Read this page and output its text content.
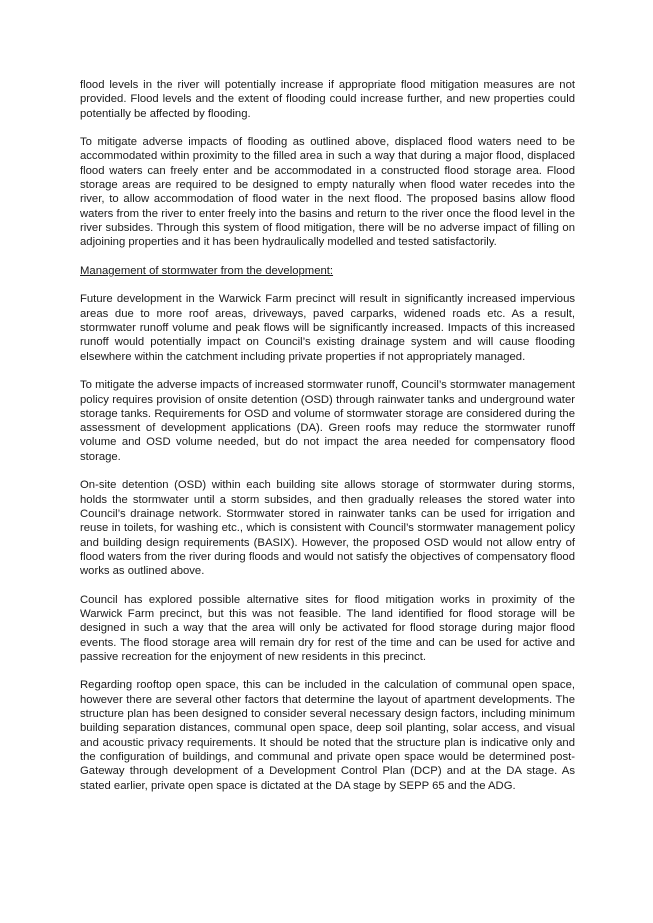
flood levels in the river will potentially increase if appropriate flood mitigation measures are not provided. Flood levels and the extent of flooding could increase further, and new properties could potentially be affected by flooding.

To mitigate adverse impacts of flooding as outlined above, displaced flood waters need to be accommodated within proximity to the filled area in such a way that during a major flood, displaced flood waters can freely enter and be accommodated in a constructed flood storage area. Flood storage areas are required to be designed to empty naturally when flood water recedes into the river, to allow accommodation of flood water in the next flood. The proposed basins allow flood waters from the river to enter freely into the basins and return to the river once the flood level in the river subsides. Through this system of flood mitigation, there will be no adverse impact of filling on adjoining properties and it has been hydraulically modelled and tested satisfactorily.

Management of stormwater from the development:

Future development in the Warwick Farm precinct will result in significantly increased impervious areas due to more roof areas, driveways, paved carparks, widened roads etc. As a result, stormwater runoff volume and peak flows will be significantly increased. Impacts of this increased runoff would potentially impact on Council’s existing drainage system and will cause flooding elsewhere within the catchment including private properties if not appropriately managed.

To mitigate the adverse impacts of increased stormwater runoff, Council’s stormwater management policy requires provision of onsite detention (OSD) through rainwater tanks and underground water storage tanks. Requirements for OSD and volume of stormwater storage are considered during the assessment of development applications (DA). Green roofs may reduce the stormwater runoff volume and OSD volume needed, but do not impact the area needed for compensatory flood storage.

On-site detention (OSD) within each building site allows storage of stormwater during storms, holds the stormwater until a storm subsides, and then gradually releases the stored water into Council’s drainage network. Stormwater stored in rainwater tanks can be used for irrigation and reuse in toilets, for washing etc., which is consistent with Council’s stormwater management policy and building design requirements (BASIX). However, the proposed OSD would not allow entry of flood waters from the river during floods and would not satisfy the objectives of compensatory flood works as outlined above.

Council has explored possible alternative sites for flood mitigation works in proximity of the Warwick Farm precinct, but this was not feasible. The land identified for flood storage will be designed in such a way that the area will only be activated for flood storage during major flood events. The flood storage area will remain dry for rest of the time and can be used for active and passive recreation for the enjoyment of new residents in this precinct.

Regarding rooftop open space, this can be included in the calculation of communal open space, however there are several other factors that determine the layout of apartment developments. The structure plan has been designed to consider several necessary design factors, including minimum building separation distances, communal open space, deep soil planting, solar access, and visual and acoustic privacy requirements. It should be noted that the structure plan is indicative only and the configuration of buildings, and communal and private open space would be determined post-Gateway through development of a Development Control Plan (DCP) and at the DA stage. As stated earlier, private open space is dictated at the DA stage by SEPP 65 and the ADG.
